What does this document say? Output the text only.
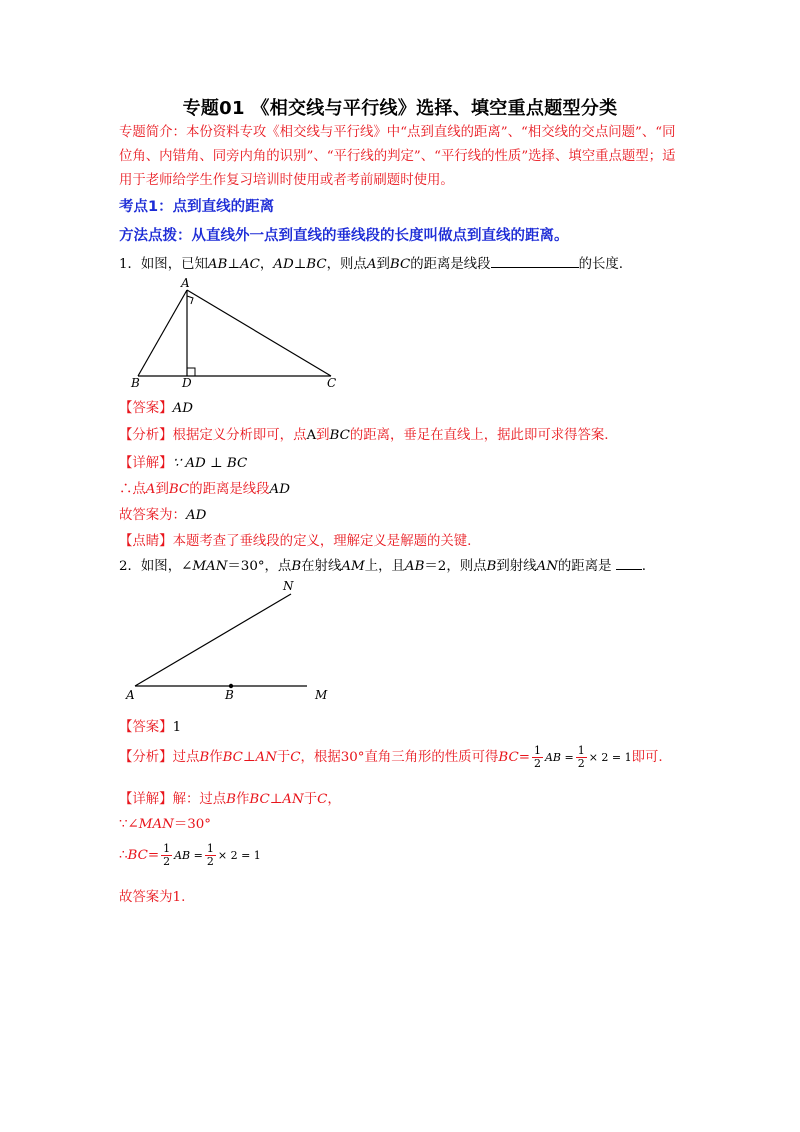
专题01 《相交线与平行线》选择、填空重点题型分类
专题简介：本份资料专攻《相交线与平行线》中“点到直线的距离”、“相交线的交点问题”、“同位角、内错角、同旁内角的识别”、“平行线的判定”、“平行线的性质”选择、填空重点题型；适用于老师给学生作复习培训时使用或者考前刷题时使用。
考点1：点到直线的距离
方法点拨：从直线外一点到直线的垂线段的长度叫做点到直线的距离。
1．如图，已知AB⊥AC，AD⊥BC，则点A到BC的距离是线段	的长度.
A
B	D	C
【答案】AD
【分析】根据定义分析即可，点A到BC的距离，垂足在直线上，据此即可求得答案.
【详解】∵ AD ⊥ BC
∴点A到BC的距离是线段AD
故答案为：AD
【点睛】本题考查了垂线段的定义，理解定义是解题的关键.
2．如图，∠MAN＝30°，点B在射线AM上，且AB＝2，则点B到射线AN的距离是 .
N
A	B	M
【答案】1
【分析】过点B作BC⊥AN于C，根据30°直角三角形的性质可得$BC= \frac{1}{2}$ AB = $\frac{1}{2} \times 2 = 1$即可.
【详解】解：过点B作BC⊥AN于C，
∵∠MAN＝30°
∴BC= $\frac{1}{2}$ AB = $\frac{1}{2} \times 2 = 1$
故答案为1.
